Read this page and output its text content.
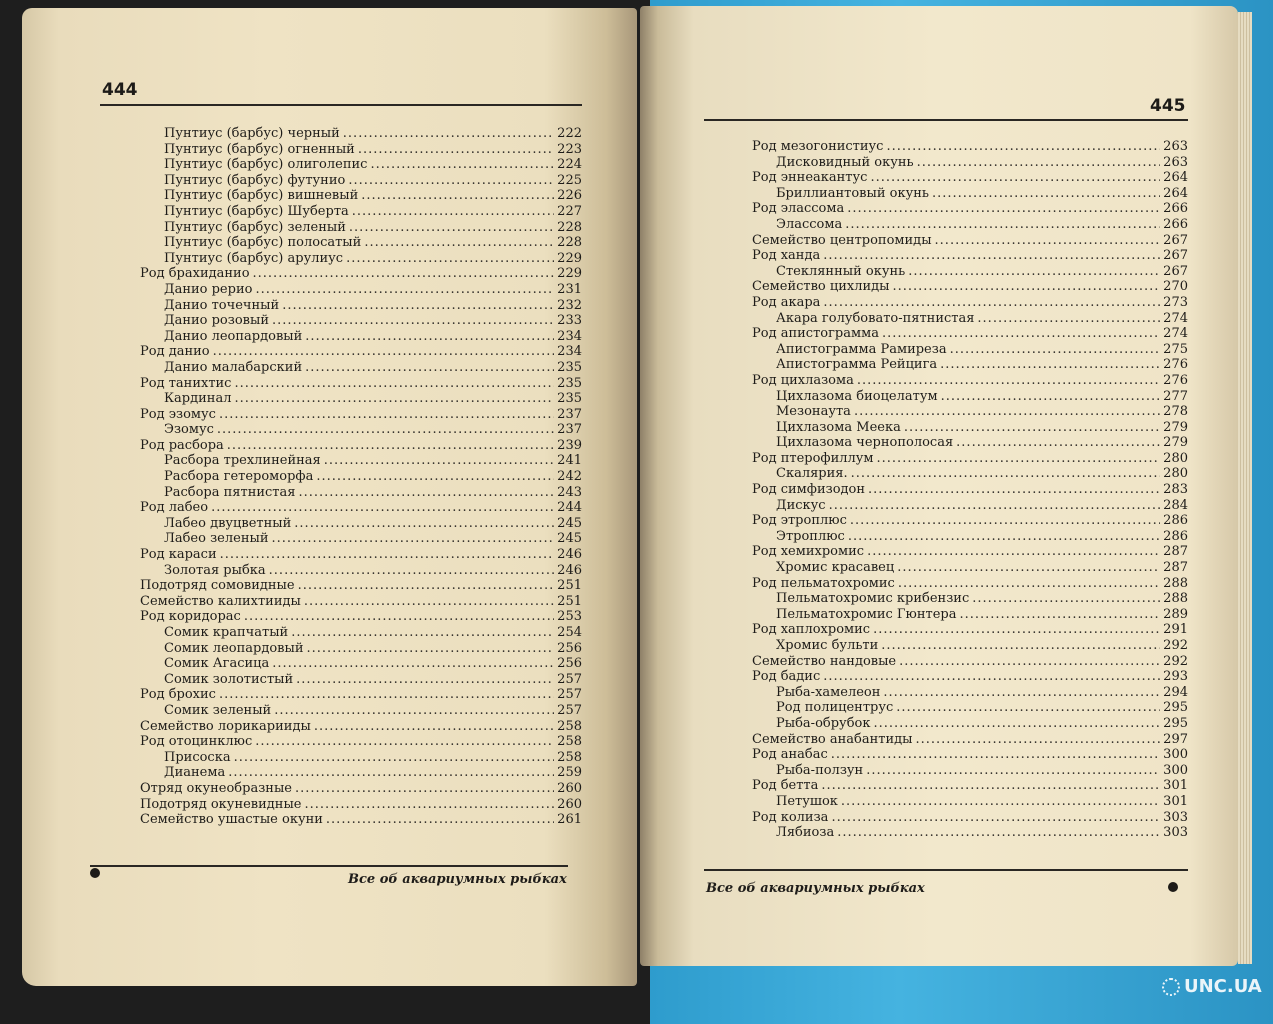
444
Пунтиус (барбус) черный .....	222
Пунтиус (барбус) огненный .....	223
Пунтиус (барбус) олиголепис .....	224
Пунтиус (барбус) футунио .....	225
Пунтиус (барбус) вишневый .....	226
Пунтиус (барбус) Шуберта .....	227
Пунтиус (барбус) зеленый .....	228
Пунтиус (барбус) полосатый .....	228
Пунтиус (барбус) арулиус .....	229
Род брахиданио .....	229
Данио рерио .....	231
Данио точечный .....	232
Данио розовый .....	233
Данио леопардовый .....	234
Род данио .....	234
Данио малабарский .....	235
Род танихтис .....	235
Кардинал .....	235
Род эзомус .....	237
Эзомус .....	237
Род расбора .....	239
Расбора трехлинейная .....	241
Расбора гетероморфа .....	242
Расбора пятнистая .....	243
Род лабео .....	244
Лабео двуцветный .....	245
Лабео зеленый .....	245
Род караси .....	246
Золотая рыбка .....	246
Подотряд сомовидные .....	251
Семейство калихтииды .....	251
Род коридорас .....	253
Сомик крапчатый .....	254
Сомик леопардовый .....	256
Сомик Агасица .....	256
Сомик золотистый .....	257
Род брохис .....	257
Сомик зеленый .....	257
Семейство лорикарииды .....	258
Род отоцинклюс .....	258
Присоска .....	258
Дианема .....	259
Отряд окунеобразные .....	260
Подотряд окуневидные .....	260
Семейство ушастые окуни .....	261
Все об аквариумных рыбках
445
Род мезогонистиус .....	263
Дисковидный окунь .....	263
Род эннеакантус .....	264
Бриллиантовый окунь .....	264
Род элассома .....	266
Элассома .....	266
Семейство центропомиды .....	267
Род ханда .....	267
Стеклянный окунь .....	267
Семейство цихлиды .....	270
Род акара .....	273
Акара голубовато-пятнистая .....	274
Род апистограмма .....	274
Апистограмма Рамиреза .....	275
Апистограмма Рейцига .....	276
Род цихлазома .....	276
Цихлазома биоцелатум .....	277
Мезонаута .....	278
Цихлазома Меека .....	279
Цихлазома чернополосая .....	279
Род птерофиллум .....	280
Скалярия. .....	280
Род симфизодон .....	283
Дискус .....	284
Род этроплюс .....	286
Этроплюс .....	286
Род хемихромис .....	287
Хромис красавец .....	287
Род пельматохромис .....	288
Пельматохромис крибензис .....	288
Пельматохромис Гюнтера .....	289
Род хаплохромис .....	291
Хромис бульти .....	292
Семейство нандовые .....	292
Род бадис .....	293
Рыба-хамелеон .....	294
Род полицентрус .....	295
Рыба-обрубок .....	295
Семейство анабантиды .....	297
Род анабас .....	300
Рыба-ползун .....	300
Род бетта .....	301
Петушок .....	301
Род колиза .....	303
Лябиоза .....	303
Все об аквариумных рыбках
UNC.UA
